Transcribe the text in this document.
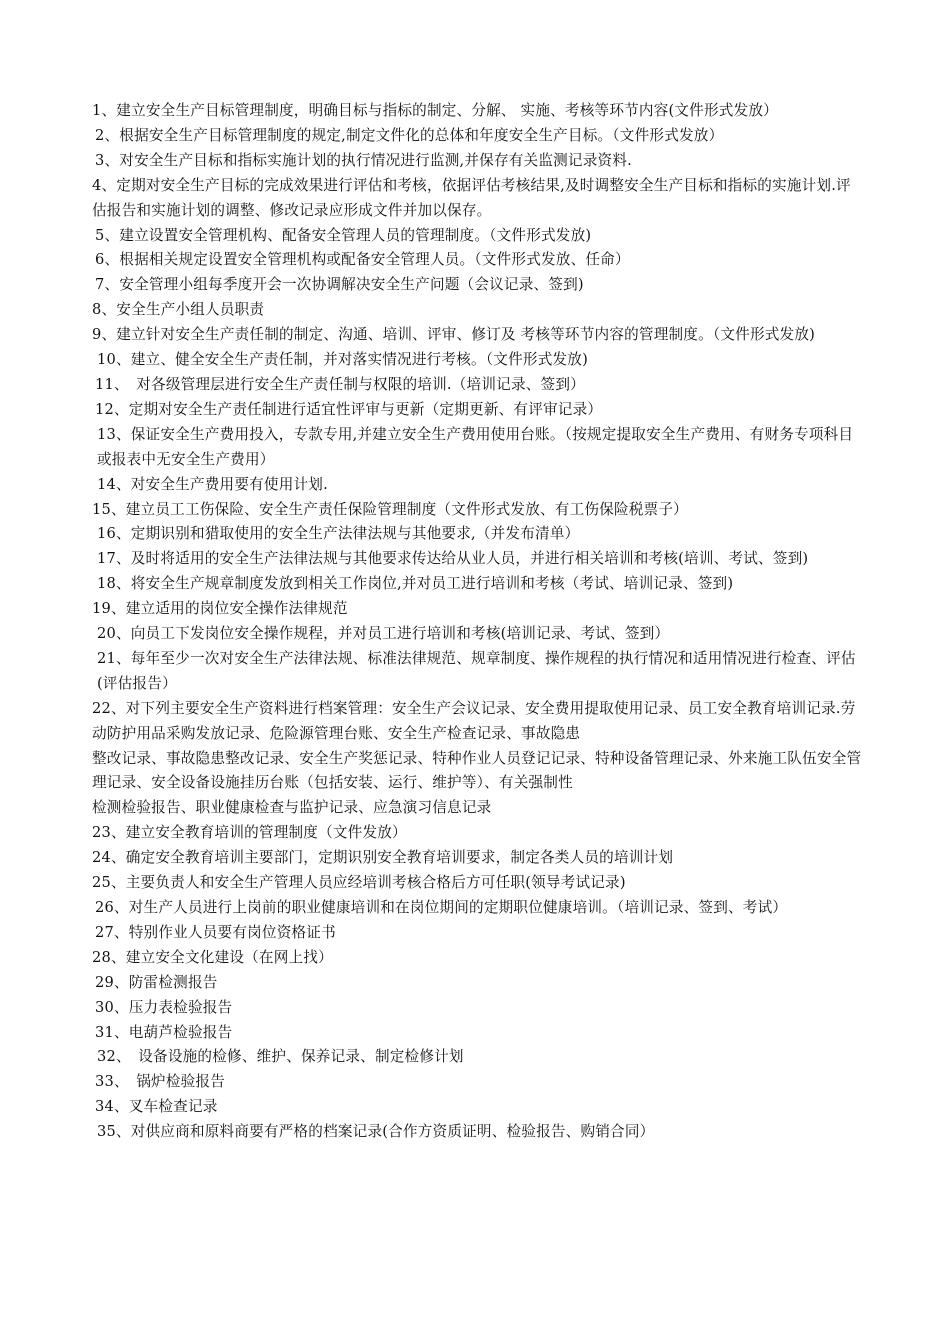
1、建立安全生产目标管理制度，明确目标与指标的制定、分解、 实施、考核等环节内容(文件形式发放）

2、根据安全生产目标管理制度的规定,制定文件化的总体和年度安全生产目标。（文件形式发放）

3、对安全生产目标和指标实施计划的执行情况进行监测,并保存有关监测记录资料.

4、定期对安全生产目标的完成效果进行评估和考核，依据评估考核结果,及时调整安全生产目标和指标的实施计划.评估报告和实施计划的调整、修改记录应形成文件并加以保存。

5、建立设置安全管理机构、配备安全管理人员的管理制度。（文件形式发放)

6、根据相关规定设置安全管理机构或配备安全管理人员。（文件形式发放、任命）

7、安全管理小组每季度开会一次协调解决安全生产问题（会议记录、签到)

8、安全生产小组人员职责

9、建立针对安全生产责任制的制定、沟通、培训、评审、修订及 考核等环节内容的管理制度。（文件形式发放)

10、建立、健全安全生产责任制，并对落实情况进行考核。（文件形式发放)

11、　对各级管理层进行安全生产责任制与权限的培训.（培训记录、签到）

12、定期对安全生产责任制进行适宜性评审与更新（定期更新、有评审记录）

13、保证安全生产费用投入，专款专用,并建立安全生产费用使用台账。（按规定提取安全生产费用、有财务专项科目或报表中无安全生产费用）

14、对安全生产费用要有使用计划.

15、建立员工工伤保险、安全生产责任保险管理制度（文件形式发放、有工伤保险税票子）

16、定期识别和猎取使用的安全生产法律法规与其他要求,（并发布清单）

17、及时将适用的安全生产法律法规与其他要求传达给从业人员，并进行相关培训和考核(培训、考试、签到)

18、将安全生产规章制度发放到相关工作岗位,并对员工进行培训和考核（考试、培训记录、签到)

19、建立适用的岗位安全操作法律规范

20、向员工下发岗位安全操作规程，并对员工进行培训和考核(培训记录、考试、签到）

21、每年至少一次对安全生产法律法规、标准法律规范、规章制度、操作规程的执行情况和适用情况进行检查、评估(评估报告）

22、对下列主要安全生产资料进行档案管理：安全生产会议记录、安全费用提取使用记录、员工安全教育培训记录.劳动防护用品采购发放记录、危险源管理台账、安全生产检查记录、事故隐患

整改记录、事故隐患整改记录、安全生产奖惩记录、特种作业人员登记记录、特种设备管理记录、外来施工队伍安全管理记录、安全设备设施挂历台账（包括安装、运行、维护等）、有关强制性

检测检验报告、职业健康检查与监护记录、应急演习信息记录

23、建立安全教育培训的管理制度（文件发放）

24、确定安全教育培训主要部门，定期识别安全教育培训要求，制定各类人员的培训计划

25、主要负责人和安全生产管理人员应经培训考核合格后方可任职(领导考试记录)

26、对生产人员进行上岗前的职业健康培训和在岗位期间的定期职位健康培训。（培训记录、签到、考试）

27、特别作业人员要有岗位资格证书

28、建立安全文化建设（在网上找）

29、防雷检测报告

30、压力表检验报告

31、电葫芦检验报告

32、　设备设施的检修、维护、保养记录、制定检修计划

33、　锅炉检验报告

34、叉车检查记录

35、对供应商和原料商要有严格的档案记录(合作方资质证明、检验报告、购销合同）
